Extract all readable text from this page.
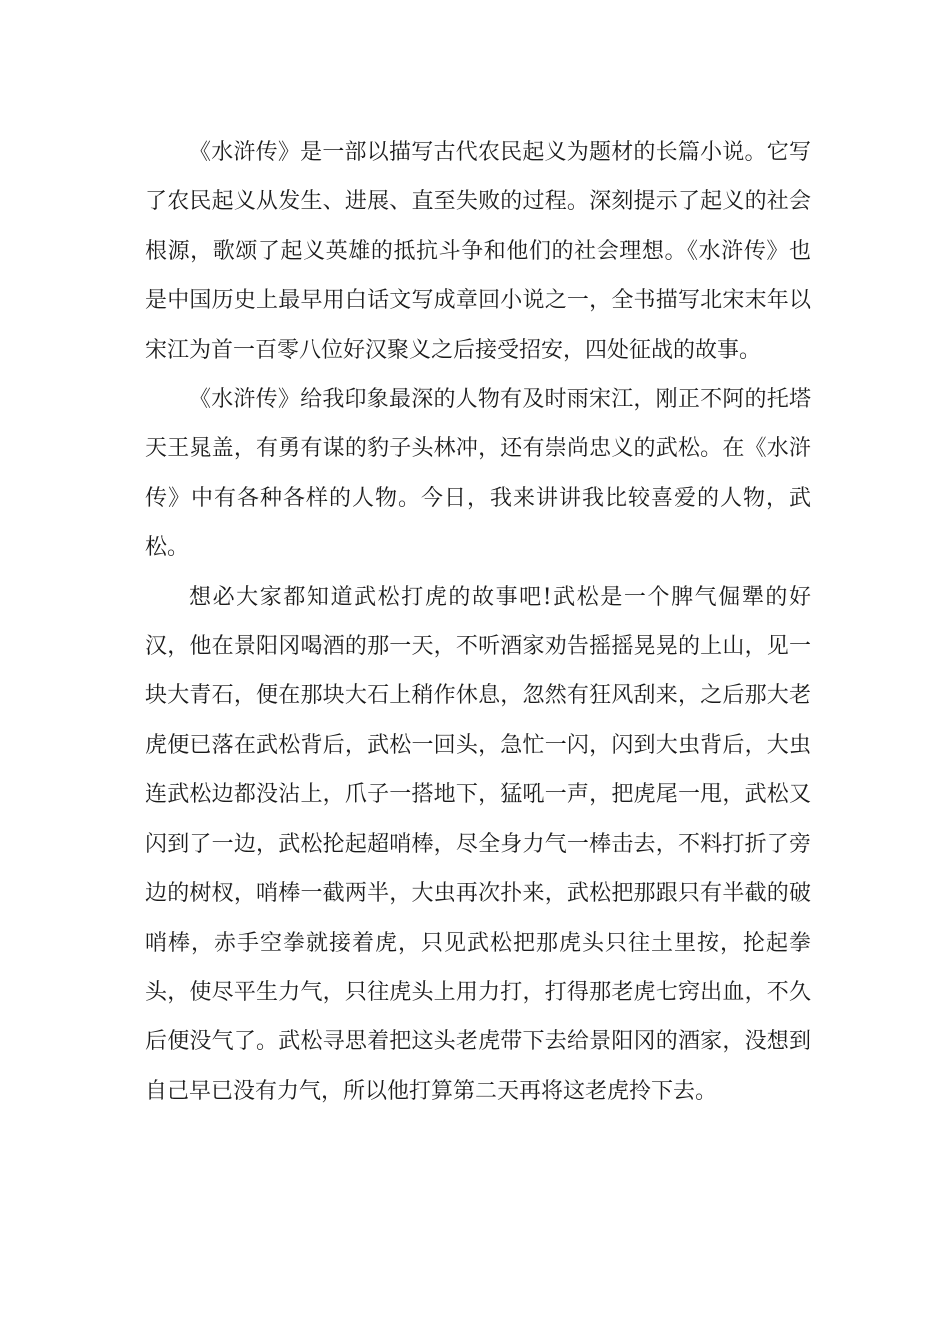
《水浒传》是一部以描写古代农民起义为题材的长篇小说。它写了农民起义从发生、进展、直至失败的过程。深刻提示了起义的社会根源，歌颂了起义英雄的抵抗斗争和他们的社会理想。《水浒传》也是中国历史上最早用白话文写成章回小说之一，全书描写北宋末年以宋江为首一百零八位好汉聚义之后接受招安，四处征战的故事。

《水浒传》给我印象最深的人物有及时雨宋江，刚正不阿的托塔天王晁盖，有勇有谋的豹子头林冲，还有崇尚忠义的武松。在《水浒传》中有各种各样的人物。今日，我来讲讲我比较喜爱的人物，武松。

想必大家都知道武松打虎的故事吧!武松是一个脾气倔犟的好汉，他在景阳冈喝酒的那一天，不听酒家劝告摇摇晃晃的上山，见一块大青石，便在那块大石上稍作休息，忽然有狂风刮来，之后那大老虎便已落在武松背后，武松一回头，急忙一闪，闪到大虫背后，大虫连武松边都没沾上，爪子一搭地下，猛吼一声，把虎尾一甩，武松又闪到了一边，武松抡起超哨棒，尽全身力气一棒击去，不料打折了旁边的树杈，哨棒一截两半，大虫再次扑来，武松把那跟只有半截的破哨棒，赤手空拳就接着虎，只见武松把那虎头只往土里按，抡起拳头，使尽平生力气，只往虎头上用力打，打得那老虎七窍出血，不久后便没气了。武松寻思着把这头老虎带下去给景阳冈的酒家，没想到自己早已没有力气，所以他打算第二天再将这老虎拎下去。
